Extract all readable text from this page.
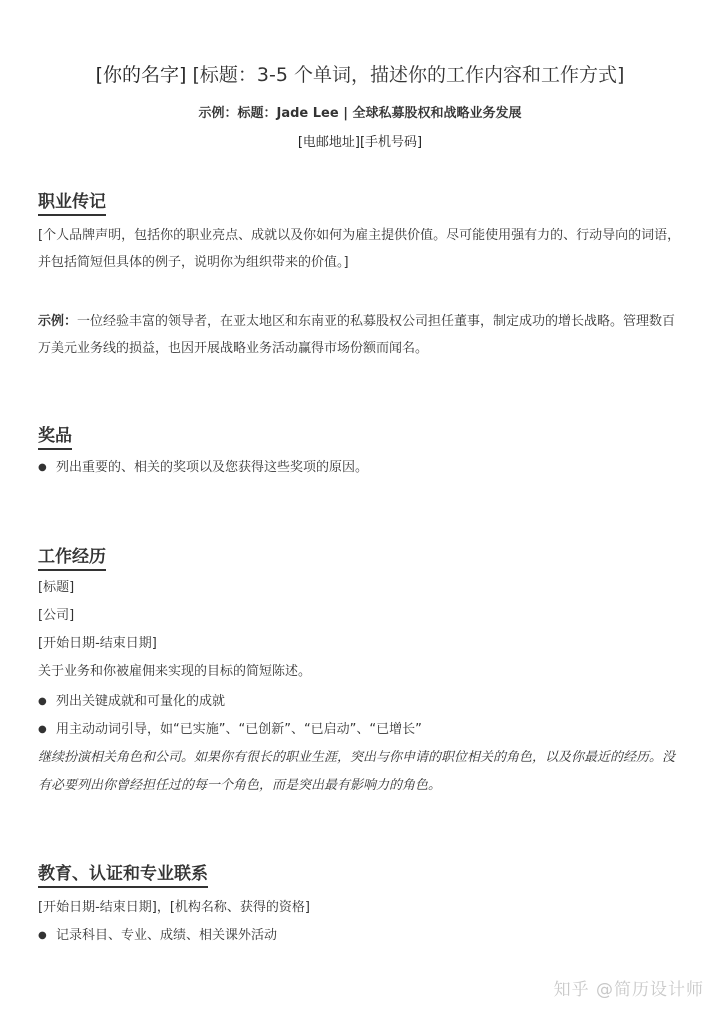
[你的名字] [标题：3-5 个单词，描述你的工作内容和工作方式]
示例：标题：Jade Lee | 全球私募股权和战略业务发展
[电邮地址][手机号码]
职业传记
[个人品牌声明，包括你的职业亮点、成就以及你如何为雇主提供价值。尽可能使用强有力的、行动导向的词语，并包括简短但具体的例子，说明你为组织带来的价值。]
示例：一位经验丰富的领导者，在亚太地区和东南亚的私募股权公司担任董事，制定成功的增长战略。管理数百万美元业务线的损益，也因开展战略业务活动赢得市场份额而闻名。
奖品
● 列出重要的、相关的奖项以及您获得这些奖项的原因。
工作经历
[标题]
[公司]
[开始日期-结束日期]
关于业务和你被雇佣来实现的目标的简短陈述。
● 列出关键成就和可量化的成就
● 用主动动词引导，如“已实施”、“已创新”、“已启动”、“已增长”
继续扮演相关角色和公司。如果你有很长的职业生涯，突出与你申请的职位相关的角色，以及你最近的经历。没有必要列出你曾经担任过的每一个角色，而是突出最有影响力的角色。
教育、认证和专业联系
[开始日期-结束日期]，[机构名称、获得的资格]
● 记录科目、专业、成绩、相关课外活动
知乎 @简历设计师
